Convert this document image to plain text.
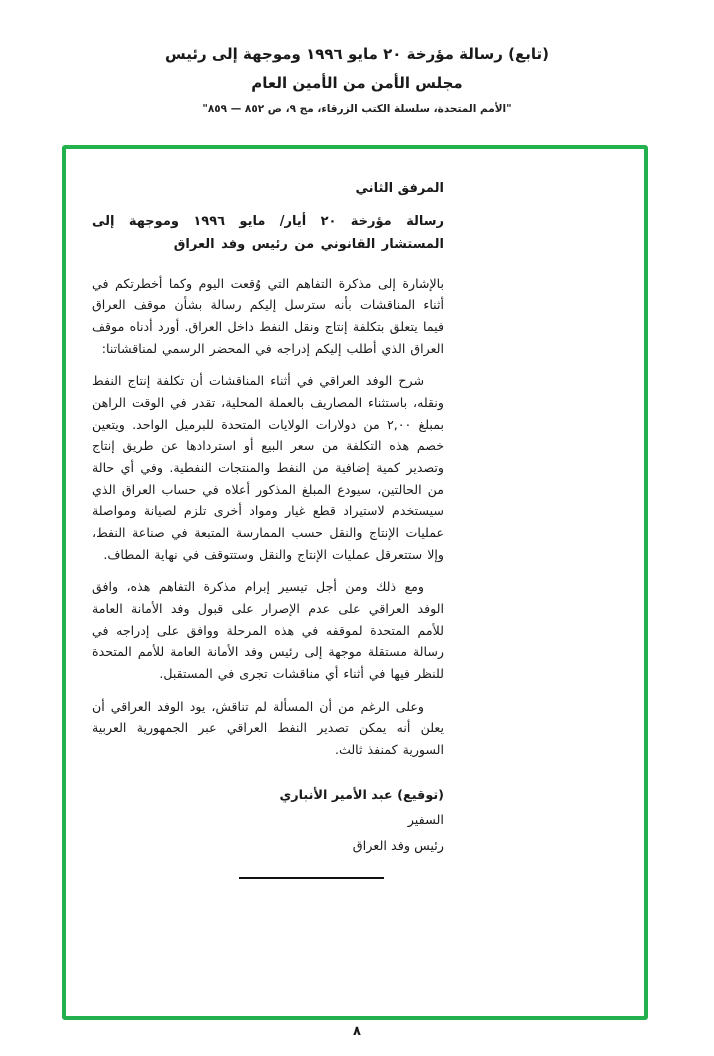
(تابع) رسالة مؤرخة ٢٠ مايو ١٩٩٦ وموجهة إلى رئيس
مجلس الأمن من الأمين العام
"الأمم المتحدة، سلسلة الكتب الزرقاء، مج ٩، ص ٨٥٢ — ٨٥٩"
المرفق الثاني
رسالة مؤرخة ٢٠ أيار/ مايو ١٩٩٦ وموجهة إلى المستشار القانوني من رئيس وفد العراق

بالإشارة إلى مذكرة التفاهم التي وُقعت اليوم وكما أخطرتكم في أثناء المناقشات بأنه سترسل إليكم رسالة بشأن موقف العراق فيما يتعلق بتكلفة إنتاج ونقل النفط داخل العراق. أورد أدناه موقف العراق الذي أطلب إليكم إدراجه في المحضر الرسمي لمناقشاتنا:

شرح الوفد العراقي في أثناء المناقشات أن تكلفة إنتاج النفط ونقله، باستثناء المصاريف بالعملة المحلية، تقدر في الوقت الراهن بمبلغ ٢,٠٠ من دولارات الولايات المتحدة للبرميل الواحد. ويتعين خصم هذه التكلفة من سعر البيع أو استردادها عن طريق إنتاج وتصدير كمية إضافية من النفط والمنتجات النفطية. وفي أي حالة من الحالتين، سيودع المبلغ المذكور أعلاه في حساب العراق الذي سيستخدم لاستيراد قطع غيار ومواد أخرى تلزم لصيانة ومواصلة عمليات الإنتاج والنقل حسب الممارسة المتبعة في صناعة النفط، وإلا ستتعرقل عمليات الإنتاج والنقل وستتوقف في نهاية المطاف.

ومع ذلك ومن أجل تيسير إبرام مذكرة التفاهم هذه، وافق الوفد العراقي على عدم الإصرار على قبول وفد الأمانة العامة للأمم المتحدة لموقفه في هذه المرحلة ووافق على إدراجه في رسالة مستقلة موجهة إلى رئيس وفد الأمانة العامة للأمم المتحدة للنظر فيها في أثناء أي مناقشات تجرى في المستقبل.

وعلى الرغم من أن المسألة لم تناقش، يود الوفد العراقي أن يعلن أنه يمكن تصدير النفط العراقي عبر الجمهورية العربية السورية كمنفذ ثالث.

(توقيع) عبد الأمير الأنباري
السفير
رئيس وفد العراق
٨
